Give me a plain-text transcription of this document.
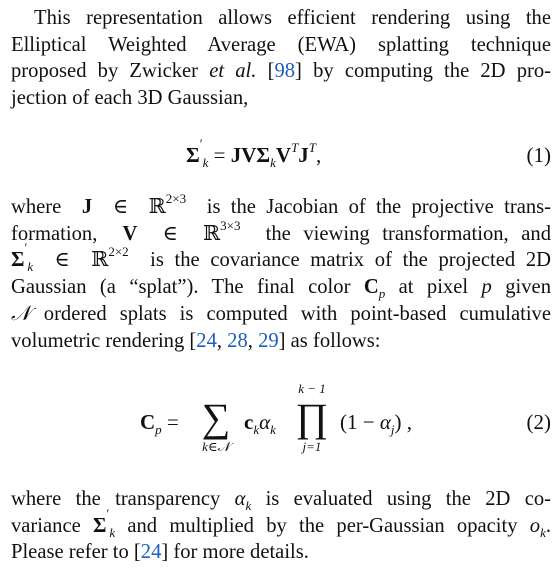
This representation allows efficient rendering using the
Elliptical Weighted Average (EWA) splatting technique
proposed by Zwicker et al. [98] by computing the 2D pro-
jection of each 3D Gaussian,
$\Sigma'_k = JV\Sigma_kV^TJ^T$,	(1)
where J  ∈  ℝ$^{2\times 3}$ is the Jacobian of the projective trans-
formation, V  ∈  ℝ$^{3\times 3}$ the viewing transformation, and
$\Sigma'_k$  ∈  ℝ$^{2\times 2}$ is the covariance matrix of the projected 2D
Gaussian (a “splat”). The final color $C_p$ at pixel p given
𝒩 ordered splats is computed with point-based cumulative
volumetric rendering [24, 28, 29] as follows:
$C_p$ = ∑
k∈𝒩
$c_k\alpha_k$
k − 1
∏
j=1
$(1 - \alpha_j)$ ,	(2)
where the transparency $\alpha_k$ is evaluated using the 2D co-
variance $\Sigma'_k$ and multiplied by the per-Gaussian opacity $o_k$.
Please refer to [24] for more details.
